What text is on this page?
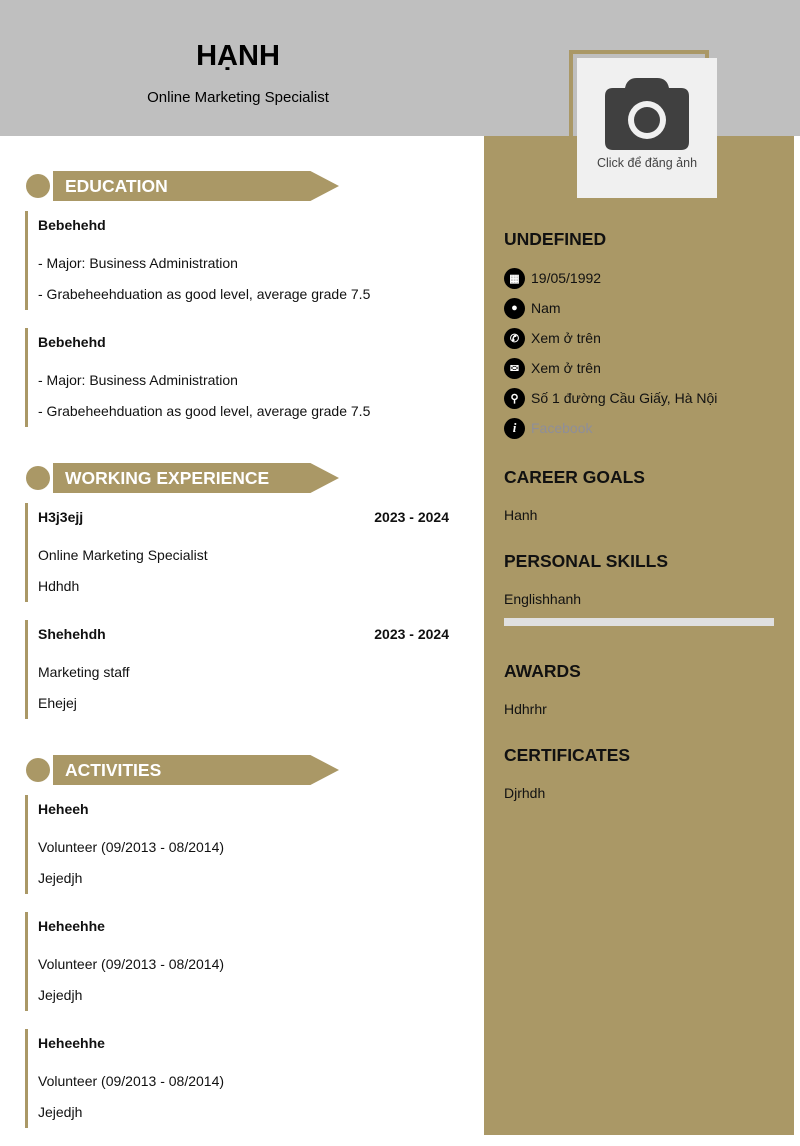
HẠNH
Online Marketing Specialist
Click để đăng ảnh
EDUCATION
Bebehehd
- Major: Business Administration
- Grabeheehduation as good level, average grade 7.5
Bebehehd
- Major: Business Administration
- Grabeheehduation as good level, average grade 7.5
WORKING EXPERIENCE
H3j3ejj	2023 - 2024
Online Marketing Specialist
Hdhdh
Shehehdh	2023 - 2024
Marketing staff
Ehejej
ACTIVITIES
Heheeh
Volunteer (09/2013 - 08/2014)
Jejedjh
Heheehhe
Volunteer (09/2013 - 08/2014)
Jejedjh
Heheehhe
Volunteer (09/2013 - 08/2014)
Jejedjh
UNDEFINED
▦ 19/05/1992
● Nam
✆ Xem ở trên
✉ Xem ở trên
⚲ Số 1 đường Cầu Giấy, Hà Nội
i	Facebook
CAREER GOALS
Hanh
PERSONAL SKILLS
Englishhanh
AWARDS
Hdhrhr
CERTIFICATES
Djrhdh
